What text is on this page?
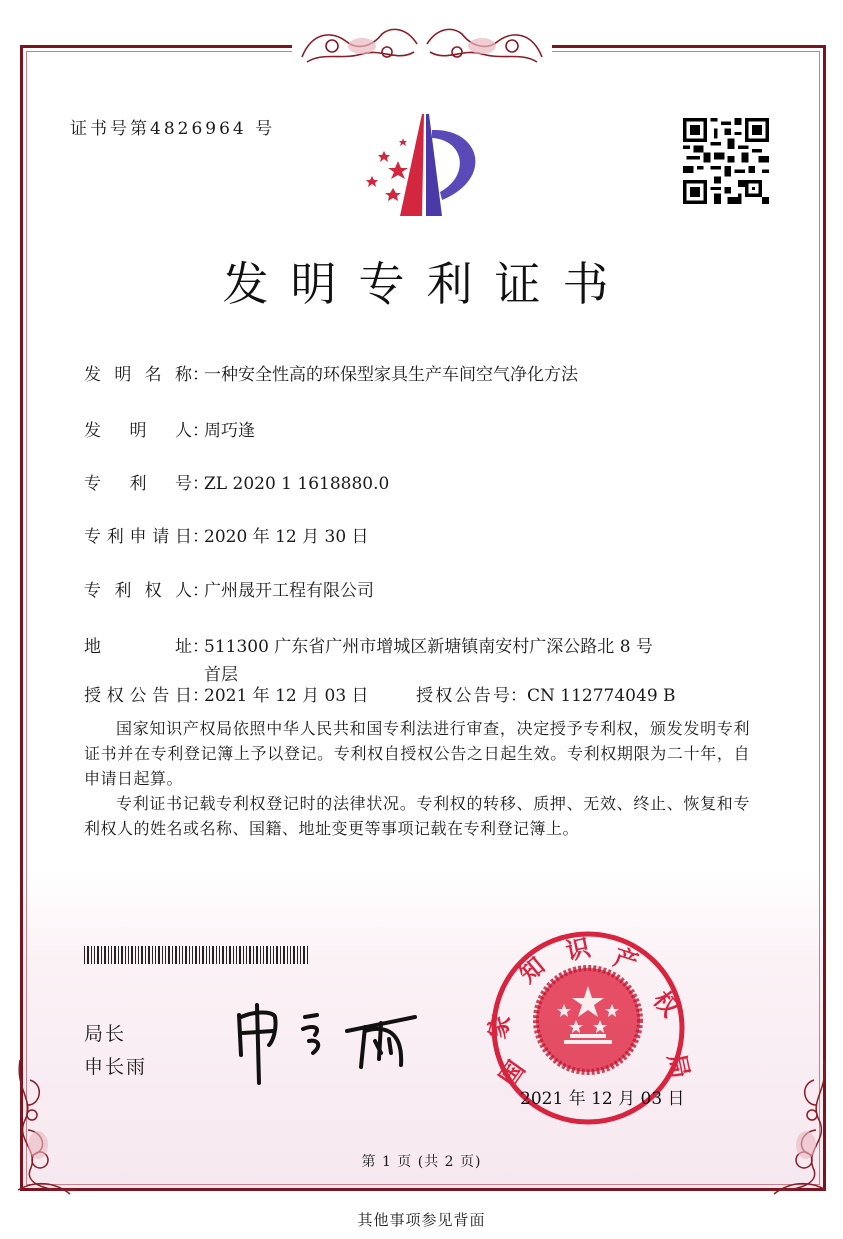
证书号第4826964 号
发明专利证书
发 明 名 称 ：
一种安全性高的环保型家具生产车间空气净化方法
发 明 人 ：
周巧逢
专 利 号 ：
ZL 2020 1 1618880.0
专 利 申 请 日 ：
2020 年 12 月 30 日
专 利 权 人 ：
广州晟开工程有限公司
地	址 ：
511300 广东省广州市增城区新塘镇南安村广深公路北 8 号
首层
授 权 公 告 日 ：
2021 年 12 月 03 日	授 权 公 告 号 ： CN 112774049 B

国家知识产权局依照中华人民共和国专利法进行审查，决定授予专利权，颁发发明专利证书并在专利登记簿上予以登记。专利权自授权公告之日起生效。专利权期限为二十年，自申请日起算。

专利证书记载专利权登记时的法律状况。专利权的转移、质押、无效、终止、恢复和专利权人的姓名或名称、国籍、地址变更等事项记载在专利登记簿上。

局长
申长雨	国
家
知
识 产
权
局
2021 年 12 月 03 日
第 1 页 (共 2 页)
其他事项参见背面
